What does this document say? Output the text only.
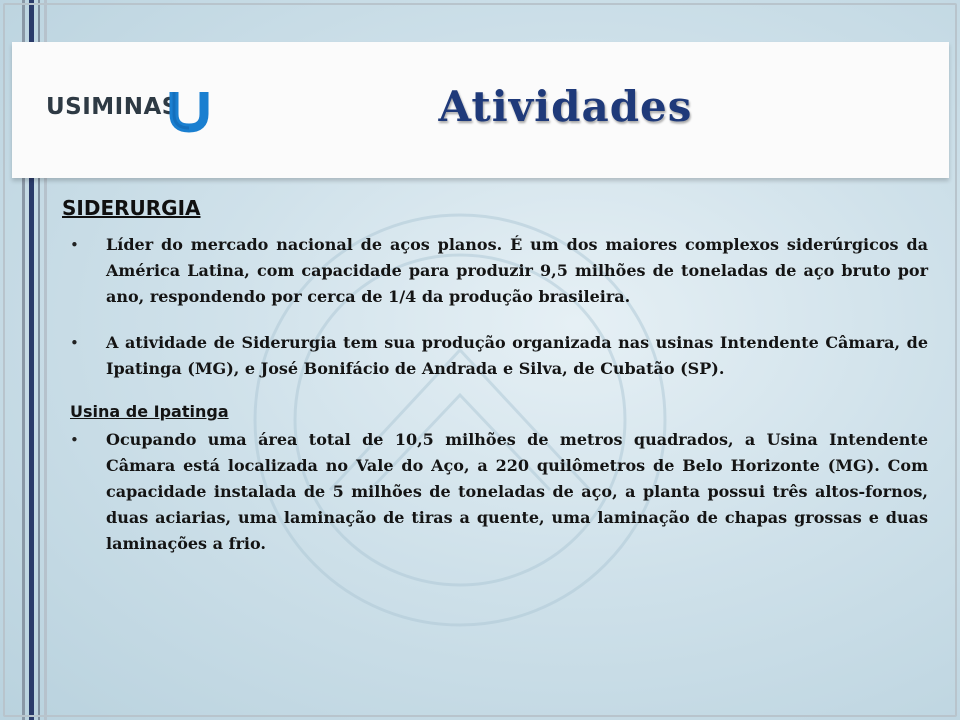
USIMINAS	Atividades
SIDERURGIA
• Líder do mercado nacional de aços planos. É um dos maiores complexos siderúrgicos da América Latina, com capacidade para produzir 9,5 milhões de toneladas de aço bruto por ano, respondendo por cerca de 1/4 da produção brasileira.

• A atividade de Siderurgia tem sua produção organizada nas usinas Intendente Câmara, de Ipatinga (MG), e José Bonifácio de Andrada e Silva, de Cubatão (SP).

Usina de Ipatinga
• Ocupando uma área total de 10,5 milhões de metros quadrados, a Usina Intendente Câmara está localizada no Vale do Aço, a 220 quilômetros de Belo Horizonte (MG). Com capacidade instalada de 5 milhões de toneladas de aço, a planta possui três altos-fornos, duas aciarias, uma laminação de tiras a quente, uma laminação de chapas grossas e duas laminações a frio.
